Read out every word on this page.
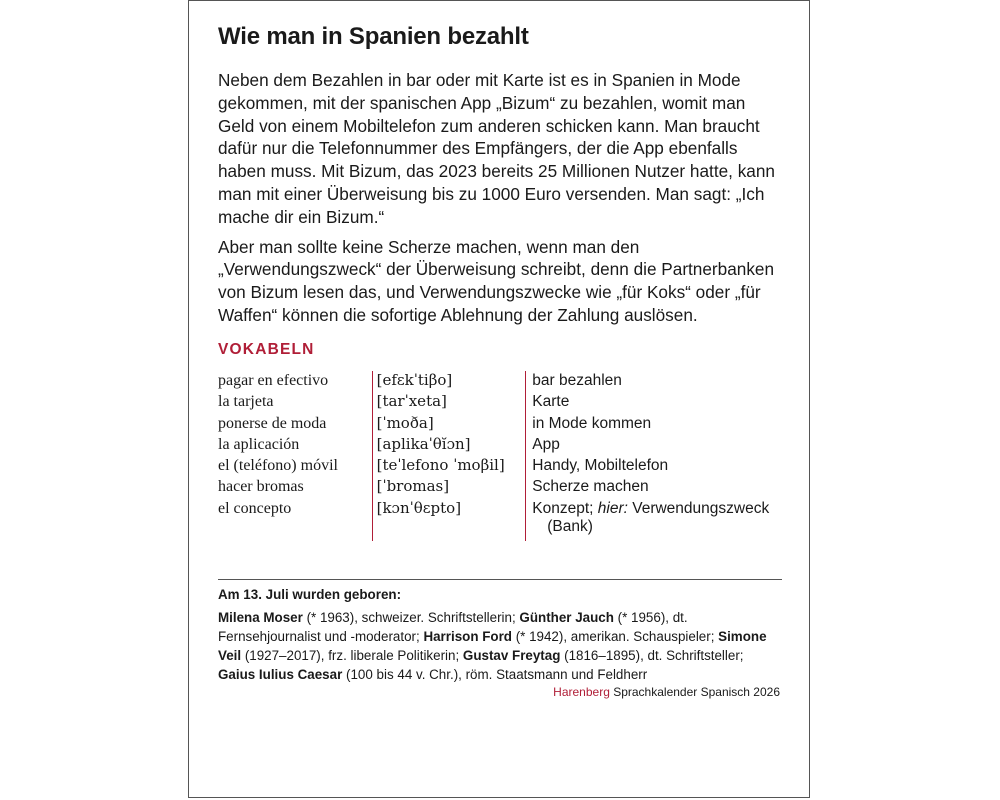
Wie man in Spanien bezahlt

Neben dem Bezahlen in bar oder mit Karte ist es in Spanien in Mode gekommen, mit der spanischen App „Bizum“ zu bezahlen, womit man Geld von einem Mobiltelefon zum anderen schicken kann. Man braucht dafür nur die Telefonnummer des Empfängers, der die App ebenfalls haben muss. Mit Bizum, das 2023 bereits 25 Millionen Nutzer hatte, kann man mit einer Überweisung bis zu 1000 Euro versenden. Man sagt: „Ich mache dir ein Bizum.“

Aber man sollte keine Scherze machen, wenn man den „Verwendungszweck“ der Überweisung schreibt, denn die Partnerbanken von Bizum lesen das, und Verwendungszwecke wie „für Koks“ oder „für Waffen“ können die sofortige Ablehnung der Zahlung auslösen.

VOKABELN
pagar en efectivo	[efɛkˈtiβo]	bar bezahlen
la tarjeta	[tarˈxeta]	Karte
ponerse de moda	[ˈmoða]	in Mode kommen
la aplicación	[aplikaˈθĭɔn]	App
el (teléfono) móvil	[teˈlefono ˈmoβil]	Handy, Mobiltelefon
hacer bromas	[ˈbromas]	Scherze machen
el concepto	[kɔnˈθɛpto]	Konzept; hier: Verwendungszweck
(Bank)
Am 13. Juli wurden geboren:

Milena Moser (* 1963), schweizer. Schriftstellerin; Günther Jauch (* 1956), dt. Fernsehjournalist und -moderator; Harrison Ford (* 1942), amerikan. Schauspieler; Simone Veil (1927–2017), frz. liberale Politikerin; Gustav Freytag (1816–1895), dt. Schriftsteller; Gaius Iulius Caesar (100 bis 44 v. Chr.), röm. Staatsmann und Feldherr

Harenberg Sprachkalender Spanisch 2026
